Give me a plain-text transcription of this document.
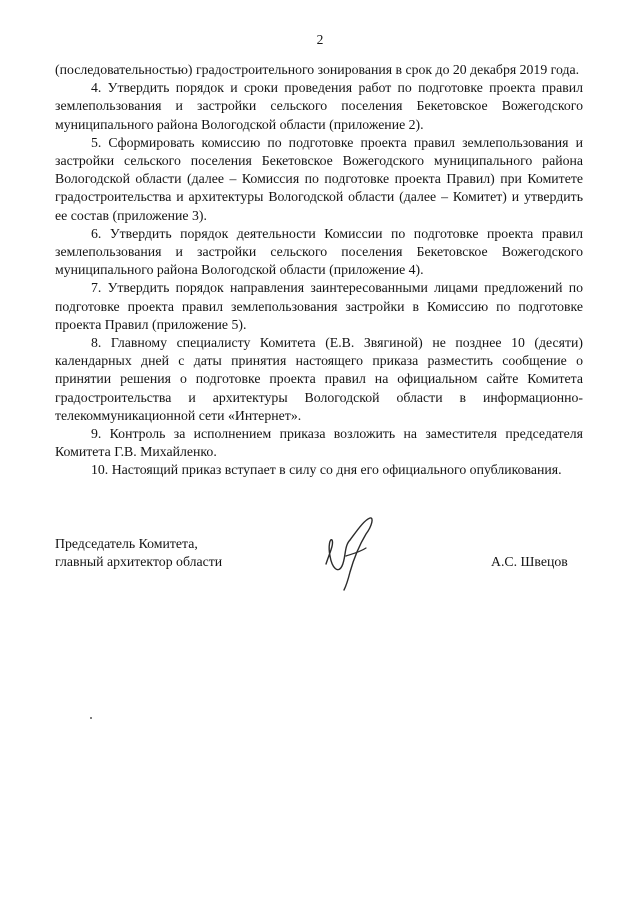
2

(последовательностью) градостроительного зонирования в срок до 20 декабря 2019 года.

4. Утвердить порядок и сроки проведения работ по подготовке проекта правил землепользования и застройки сельского поселения Бекетовское Вожегодского муниципального района Вологодской области (приложение 2).

5. Сформировать комиссию по подготовке проекта правил землепользования и застройки сельского поселения Бекетовское Вожегодского муниципального района Вологодской области (далее – Комиссия по подготовке проекта Правил) при Комитете градостроительства и архитектуры Вологодской области (далее – Комитет) и утвердить ее состав (приложение 3).

6. Утвердить порядок деятельности Комиссии по подготовке проекта правил землепользования и застройки сельского поселения Бекетовское Вожегодского муниципального района Вологодской области (приложение 4).

7. Утвердить порядок направления заинтересованными лицами предложений по подготовке проекта правил землепользования застройки в Комиссию по подготовке проекта Правил (приложение 5).

8. Главному специалисту Комитета (Е.В. Звягиной) не позднее 10 (десяти) календарных дней с даты принятия настоящего приказа разместить сообщение о принятии решения о подготовке проекта правил на официальном сайте Комитета градостроительства и архитектуры Вологодской области в информационно-телекоммуникационной сети «Интернет».

9. Контроль за исполнением приказа возложить на заместителя председателя Комитета Г.В. Михайленко.

10. Настоящий приказ вступает в силу со дня его официального опубликования.

Председатель Комитета,
главный архитектор области	А.С. Швецов
